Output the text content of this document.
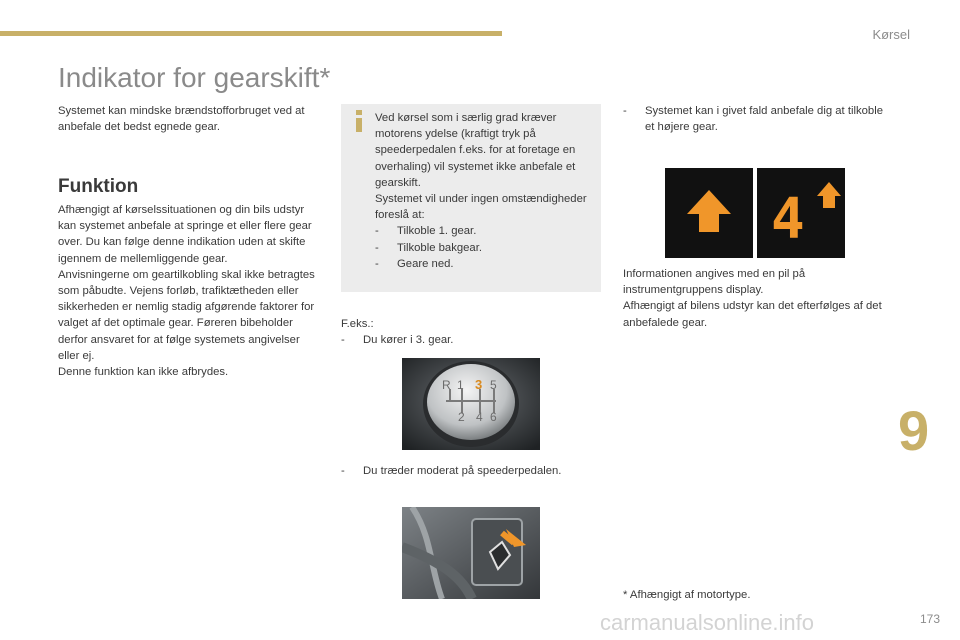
Kørsel
Indikator for gearskift*
Systemet kan mindske brændstofforbruget ved at anbefale det bedst egnede gear.
Funktion
Afhængigt af kørselssituationen og din bils udstyr kan systemet anbefale at springe et eller flere gear over. Du kan følge denne indikation uden at skifte igennem de mellemliggende gear.
Anvisningerne om geartilkobling skal ikke betragtes som påbudte. Vejens forløb, trafiktætheden eller sikkerheden er nemlig stadig afgørende faktorer for valget af det optimale gear. Føreren bibeholder derfor ansvaret for at følge systemets angivelser eller ej.
Denne funktion kan ikke afbrydes.
Ved kørsel som i særlig grad kræver motorens ydelse (kraftigt tryk på speederpedalen f.eks. for at foretage en overhaling) vil systemet ikke anbefale et gearskift.
Systemet vil under ingen omstændigheder foreslå at:
- Tilkoble 1. gear.
- Tilkoble bakgear.
- Geare ned.
F.eks.:
- Du kører i 3. gear.
R 1 3 5
2 4 6
- Du træder moderat på speederpedalen.
- Systemet kan i givet fald anbefale dig at tilkoble et højere gear.
4
Informationen angives med en pil på instrumentgruppens display.
Afhængigt af bilens udstyr kan det efterfølges af det anbefalede gear.
* Afhængigt af motortype.
9
carmanualsonline.info	173
